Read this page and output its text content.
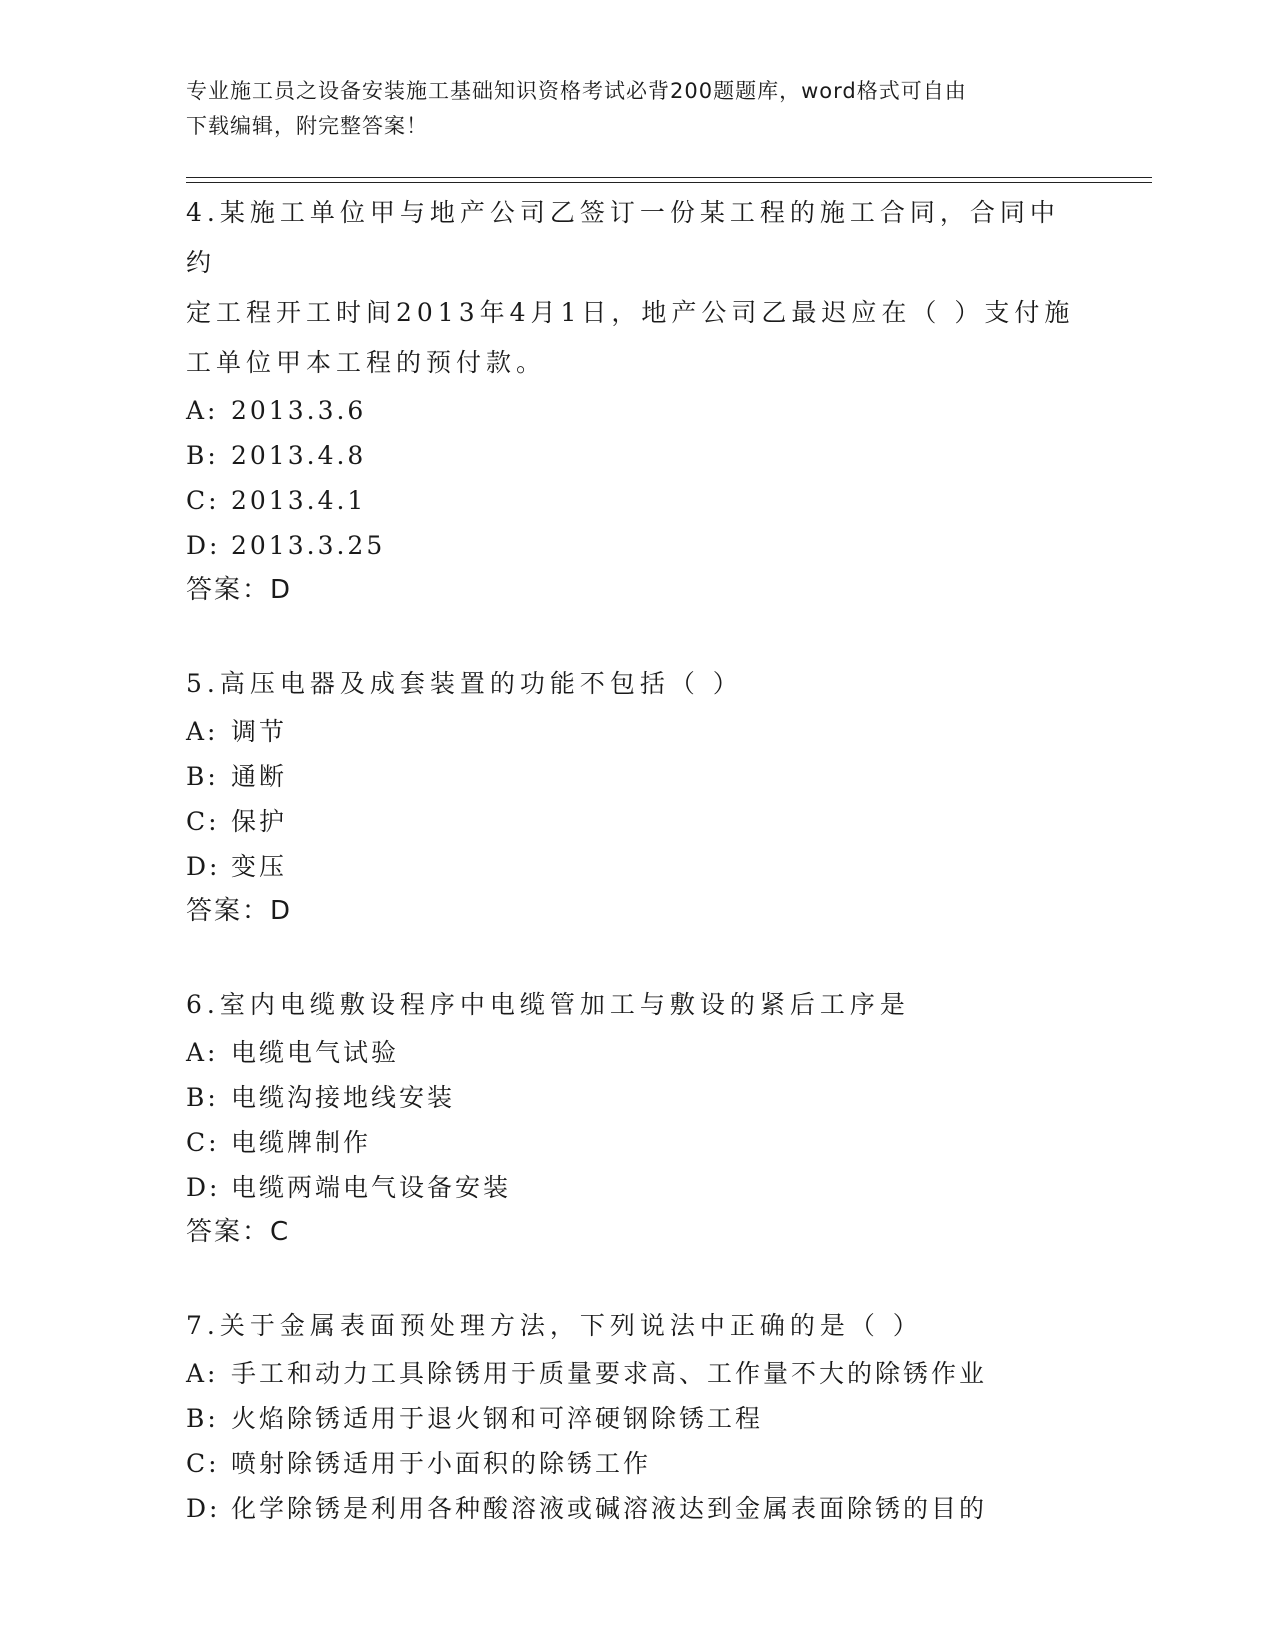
专业施工员之设备安装施工基础知识资格考试必背200题题库，word格式可自由
下载编辑，附完整答案！
4.某施工单位甲与地产公司乙签订一份某工程的施工合同，合同中约
定工程开工时间2013年4月1日，地产公司乙最迟应在（ ）支付施
工单位甲本工程的预付款。
A: 2013.3.6
B: 2013.4.8
C: 2013.4.1
D: 2013.3.25
答案：D
5.高压电器及成套装置的功能不包括（ ）
A: 调节
B: 通断
C: 保护
D: 变压
答案：D
6.室内电缆敷设程序中电缆管加工与敷设的紧后工序是
A: 电缆电气试验
B: 电缆沟接地线安装
C: 电缆牌制作
D: 电缆两端电气设备安装
答案：C
7.关于金属表面预处理方法，下列说法中正确的是（ ）
A: 手工和动力工具除锈用于质量要求高、工作量不大的除锈作业
B: 火焰除锈适用于退火钢和可淬硬钢除锈工程
C: 喷射除锈适用于小面积的除锈工作
D: 化学除锈是利用各种酸溶液或碱溶液达到金属表面除锈的目的
